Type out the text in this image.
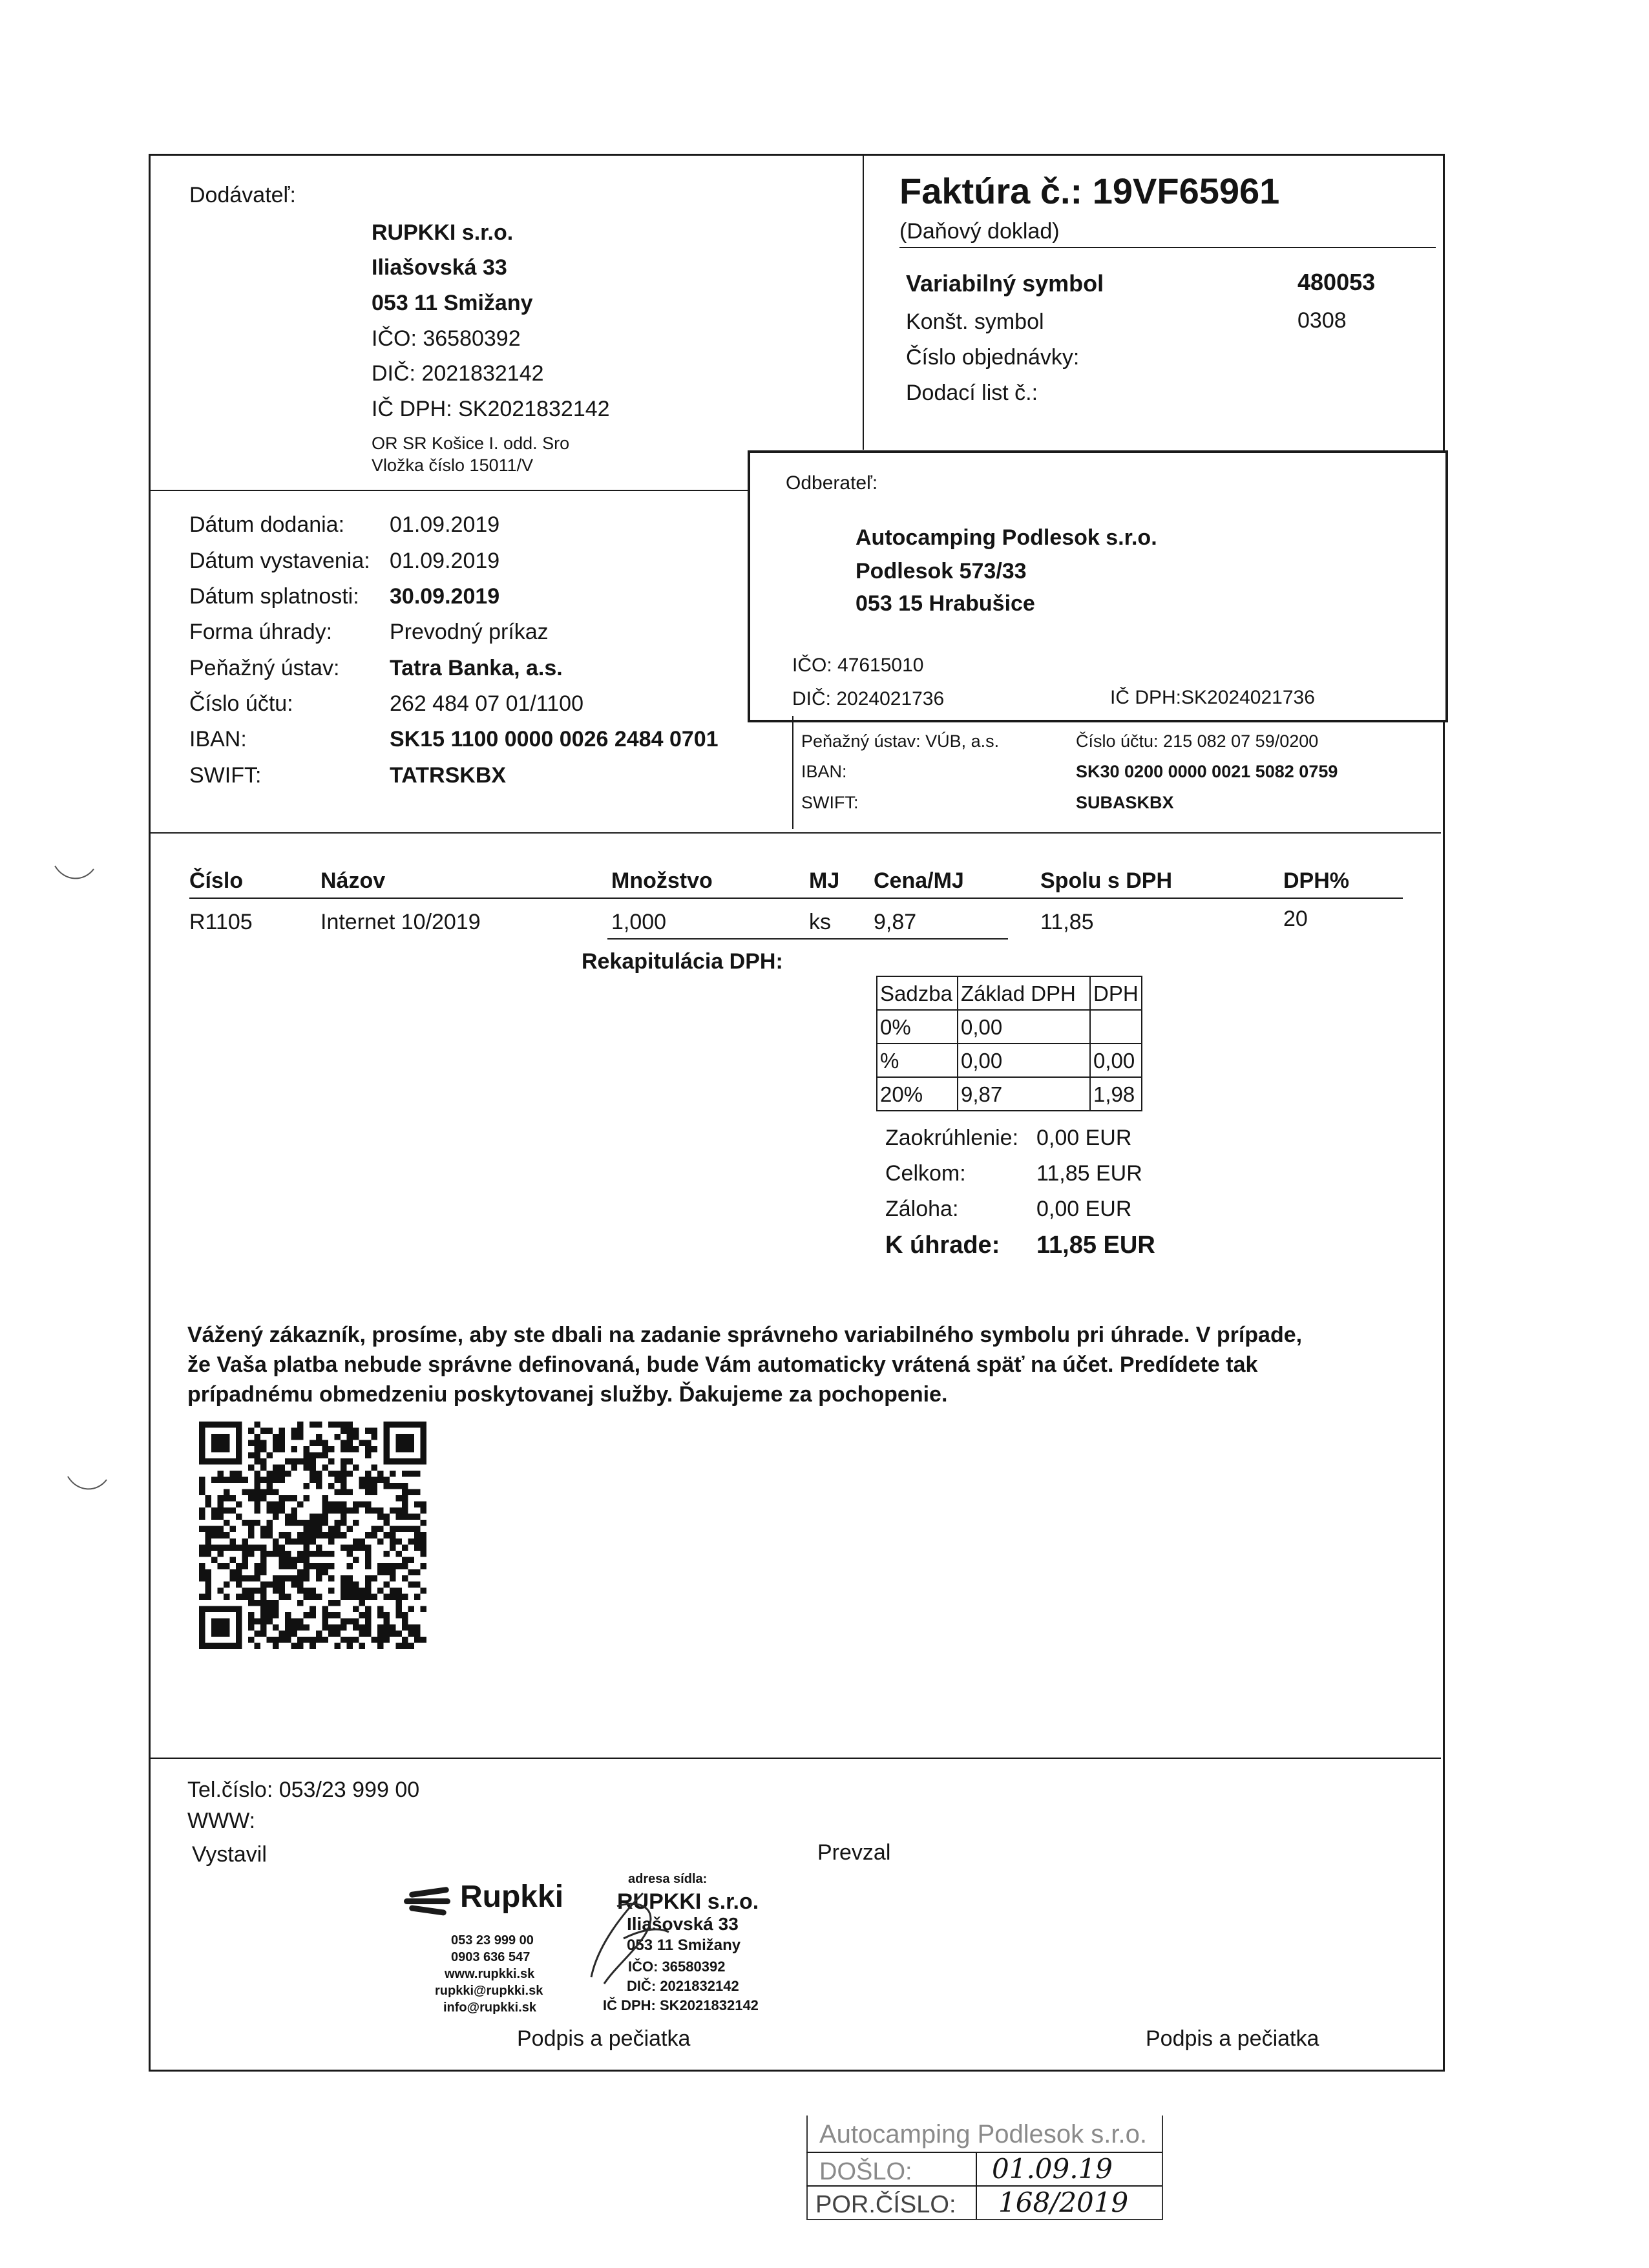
Dodávateľ:
RUPKKI s.r.o.
Iliašovská 33
053 11 Smižany
IČO: 36580392
DIČ: 2021832142
IČ DPH: SK2021832142
OR SR Košice I. odd. Sro
Vložka číslo 15011/V
Faktúra č.: 19VF65961
(Daňový doklad)
Variabilný symbol	480053
Konšt. symbol	0308
Číslo objednávky:
Dodací list č.:
Odberateľ:
Autocamping Podlesok s.r.o.
Podlesok 573/33
053 15 Hrabušice
IČO: 47615010
DIČ: 2024021736	IČ DPH:SK2024021736
Dátum dodania: 01.09.2019
Dátum vystavenia: 01.09.2019
Dátum splatnosti: 30.09.2019
Forma úhrady:	Prevodný príkaz
Peňažný ústav: Tatra Banka, a.s.
Číslo účtu:	262 484 07 01/1100
IBAN:	SK15 1100 0000 0026 2484 0701
SWIFT:	TATRSKBX
Peňažný ústav: VÚB, a.s.	Číslo účtu: 215 082 07 59/0200
IBAN:	SK30 0200 0000 0021 5082 0759
SWIFT:	SUBASKBX
Číslo	Názov	Množstvo	MJ Cena/MJ	Spolu s DPH	DPH%
R1105	Internet 10/2019	1,000	ks 9,87	11,85	20
Rekapitulácia DPH:
Sadzba	Základ DPH	DPH
0%	0,00	
%	0,00	0,00
20%	9,87	1,98
Zaokrúhlenie: 0,00 EUR
Celkom:	11,85 EUR
Záloha:	0,00 EUR
K úhrade: 11,85 EUR
Vážený zákazník, prosíme, aby ste dbali na zadanie správneho variabilného symbolu pri úhrade. V prípade,
že Vaša platba nebude správne definovaná, bude Vám automaticky vrátená späť na účet. Predídete tak
prípadnému obmedzeniu poskytovanej služby. Ďakujeme za pochopenie.
Tel.číslo: 053/23 999 00
WWW:
Vystavil	Prevzal
Rupkki
053 23 999 00
0903 636 547
www.rupkki.sk
rupkki@rupkki.sk
info@rupkki.sk
adresa sídla:
RUPKKI s.r.o.
Iliašovská 33
053 11 Smižany
IČO: 36580392
DIČ: 2021832142
IČ DPH: SK2021832142
Podpis a pečiatka	Podpis a pečiatka
Autocamping Podlesok s.r.o.
DOŠLO:	01.09.19
POR.ČÍSLO: 168/2019
